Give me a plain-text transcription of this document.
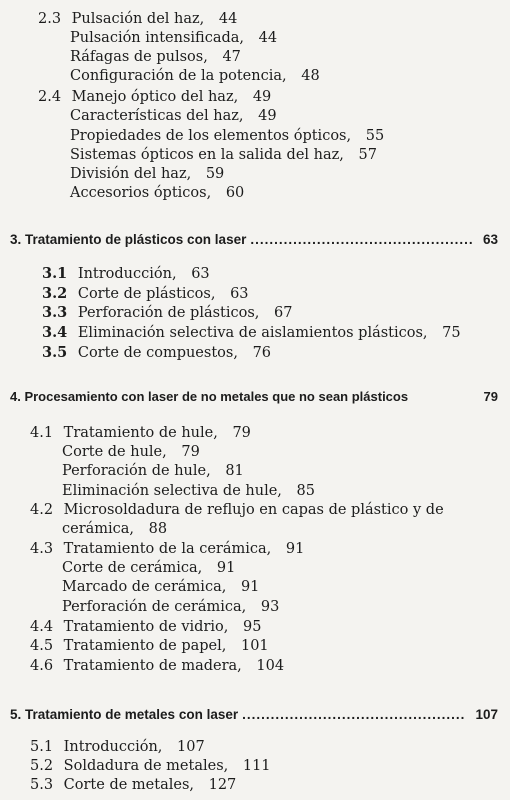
2.3 Pulsación del haz, 44
Pulsación intensificada, 44
Ráfagas de pulsos, 47
Configuración de la potencia, 48
2.4 Manejo óptico del haz, 49
Características del haz, 49
Propiedades de los elementos ópticos, 55
Sistemas ópticos en la salida del haz, 57
División del haz, 59
Accesorios ópticos, 60
3. Tratamiento de plásticos con laser ............................................... 63
3.1 Introducción, 63
3.2 Corte de plásticos, 63
3.3 Perforación de plásticos, 67
3.4 Eliminación selectiva de aislamientos plásticos, 75
3.5 Corte de compuestos, 76
4. Procesamiento con laser de no metales que no sean plásticos	79
4.1 Tratamiento de hule, 79
Corte de hule, 79
Perforación de hule, 81
Eliminación selectiva de hule, 85
4.2 Microsoldadura de reflujo en capas de plástico y de
cerámica, 88
4.3 Tratamiento de la cerámica, 91
Corte de cerámica, 91
Marcado de cerámica, 91
Perforación de cerámica, 93
4.4 Tratamiento de vidrio, 95
4.5 Tratamiento de papel, 101
4.6 Tratamiento de madera, 104
5. Tratamiento de metales con laser ............................................... 107
5.1 Introducción, 107
5.2 Soldadura de metales, 111
5.3 Corte de metales, 127
